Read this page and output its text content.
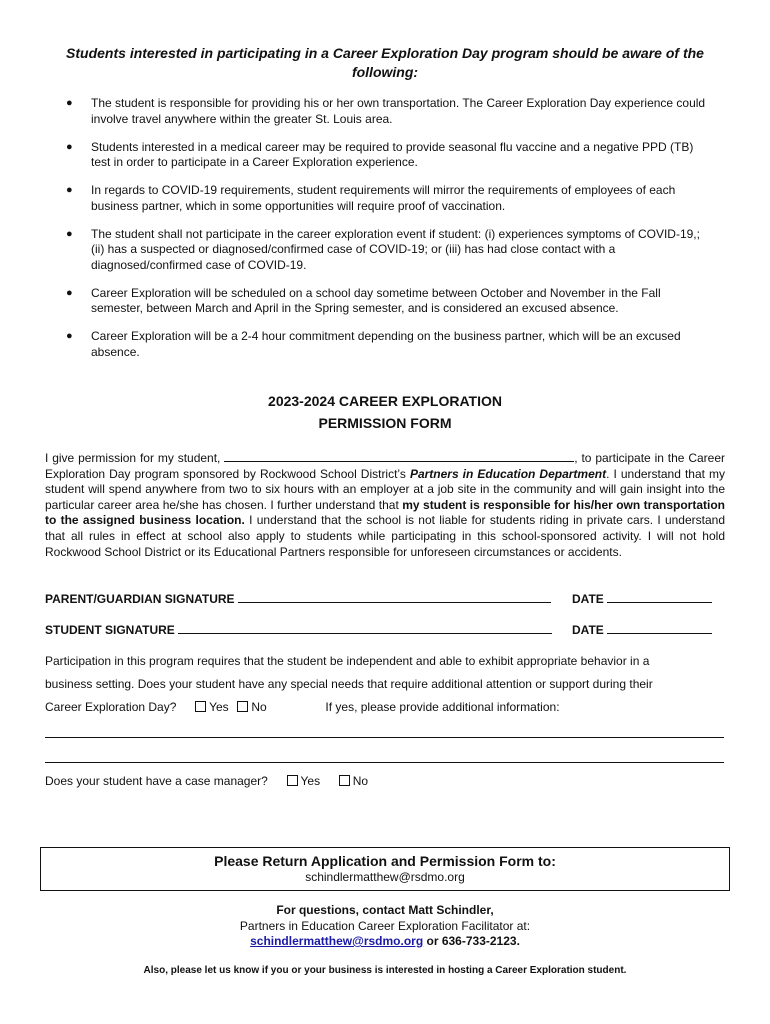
Students interested in participating in a Career Exploration Day program should be aware of the following:
● The student is responsible for providing his or her own transportation. The Career Exploration Day experience could involve travel anywhere within the greater St. Louis area.
● Students interested in a medical career may be required to provide seasonal flu vaccine and a negative PPD (TB) test in order to participate in a Career Exploration experience.
● In regards to COVID-19 requirements, student requirements will mirror the requirements of employees of each business partner, which in some opportunities will require proof of vaccination.
● The student shall not participate in the career exploration event if student: (i) experiences symptoms of COVID-19,; (ii) has a suspected or diagnosed/confirmed case of COVID-19; or (iii) has had close contact with a diagnosed/confirmed case of COVID-19.
● Career Exploration will be scheduled on a school day sometime between October and November in the Fall semester, between March and April in the Spring semester, and is considered an excused absence.
● Career Exploration will be a 2-4 hour commitment depending on the business partner, which will be an excused absence.
2023-2024 CAREER EXPLORATION
PERMISSION FORM

I give permission for my student,	, to participate in the Career Exploration Day program sponsored by Rockwood School District’s Partners in Education Department. I understand that my student will spend anywhere from two to six hours with an employer at a job site in the community and will gain insight into the particular career area he/she has chosen. I further understand that my student is responsible for his/her own transportation to the assigned business location. I understand that the school is not liable for students riding in private cars. I understand that all rules in effect at school also apply to students while participating in this school-sponsored activity. I will not hold Rockwood School District or its Educational Partners responsible for unforeseen circumstances or accidents.

PARENT/GUARDIAN SIGNATURE	DATE
STUDENT SIGNATURE	DATE
Participation in this program requires that the student be independent and able to exhibit appropriate behavior in a
business setting. Does your student have any special needs that require additional attention or support during their
Career Exploration Day?	Yes No	If yes, please provide additional information:
Does your student have a case manager?	Yes	No
Please Return Application and Permission Form to:
schindlermatthew@rsdmo.org
For questions, contact Matt Schindler,
Partners in Education Career Exploration Facilitator at:
schindlermatthew@rsdmo.org or 636-733-2123.
Also, please let us know if you or your business is interested in hosting a Career Exploration student.
